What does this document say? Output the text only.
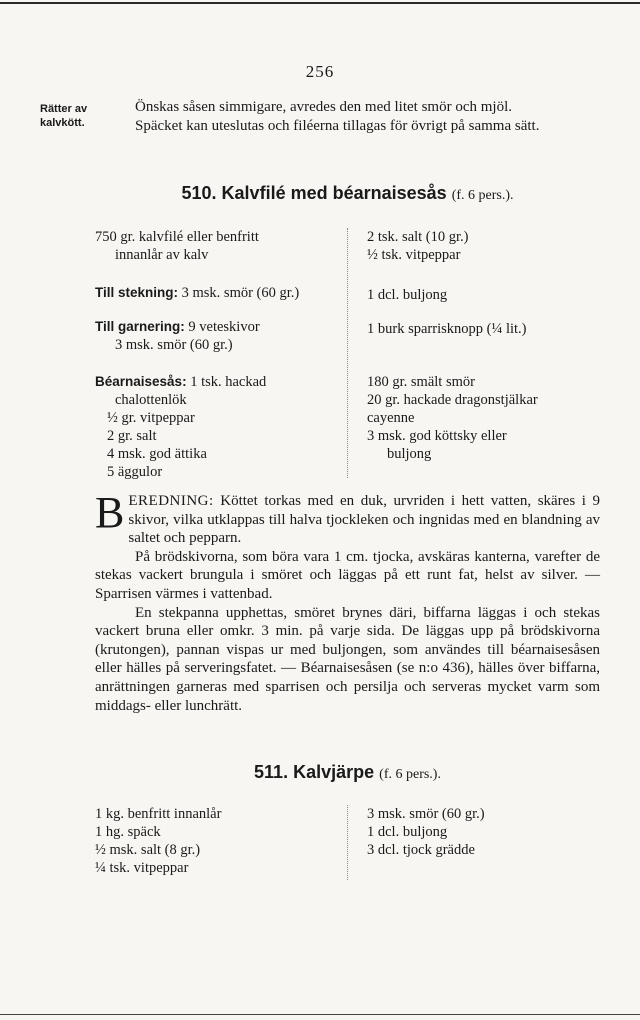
256
Rätter av
kalvkött.

Önskas såsen simmigare, avredes den med litet smör och mjöl.

Späcket kan uteslutas och filéerna tillagas för övrigt på samma sätt.

510. Kalvfilé med béarnaisesås (f. 6 pers.).
750 gr. kalvfilé eller benfritt
innanlår av kalv
2 tsk. salt (10 gr.)
½ tsk. vitpeppar
Till stekning: 3 msk. smör (60 gr.)	1 dcl. buljong
Till garnering: 9 veteskivor
3 msk. smör (60 gr.)
1 burk sparrisknopp (¼ lit.)
Béarnaisesås: 1 tsk. hackad
chalottenlök
½ gr. vitpeppar
2 gr. salt
4 msk. god ättika
5 äggulor
180 gr. smält smör
20 gr. hackade dragonstjälkar
cayenne
3 msk. god köttsky eller
buljong

BEREDNING: Köttet torkas med en duk, urvriden i hett vatten, skäres i 9 skivor, vilka utklappas till halva tjockleken och ingnidas med en blandning av saltet och pepparn.

På brödskivorna, som böra vara 1 cm. tjocka, avskäras kanterna, varefter de stekas vackert brungula i smöret och läggas på ett runt fat, helst av silver. — Sparrisen värmes i vattenbad.

En stekpanna upphettas, smöret brynes däri, biffarna läggas i och stekas vackert bruna eller omkr. 3 min. på varje sida. De läggas upp på brödskivorna (krutongen), pannan vispas ur med buljongen, som användes till béarnaisesåsen eller hälles på serveringsfatet. — Béarnaisesåsen (se n:o 436), hälles över biffarna, anrättningen garneras med sparrisen och persilja och serveras mycket varm som middags- eller lunchrätt.

511. Kalvjärpe (f. 6 pers.).
1 kg. benfritt innanlår
1 hg. späck
½ msk. salt (8 gr.)
¼ tsk. vitpeppar
3 msk. smör (60 gr.)
1 dcl. buljong
3 dcl. tjock grädde
